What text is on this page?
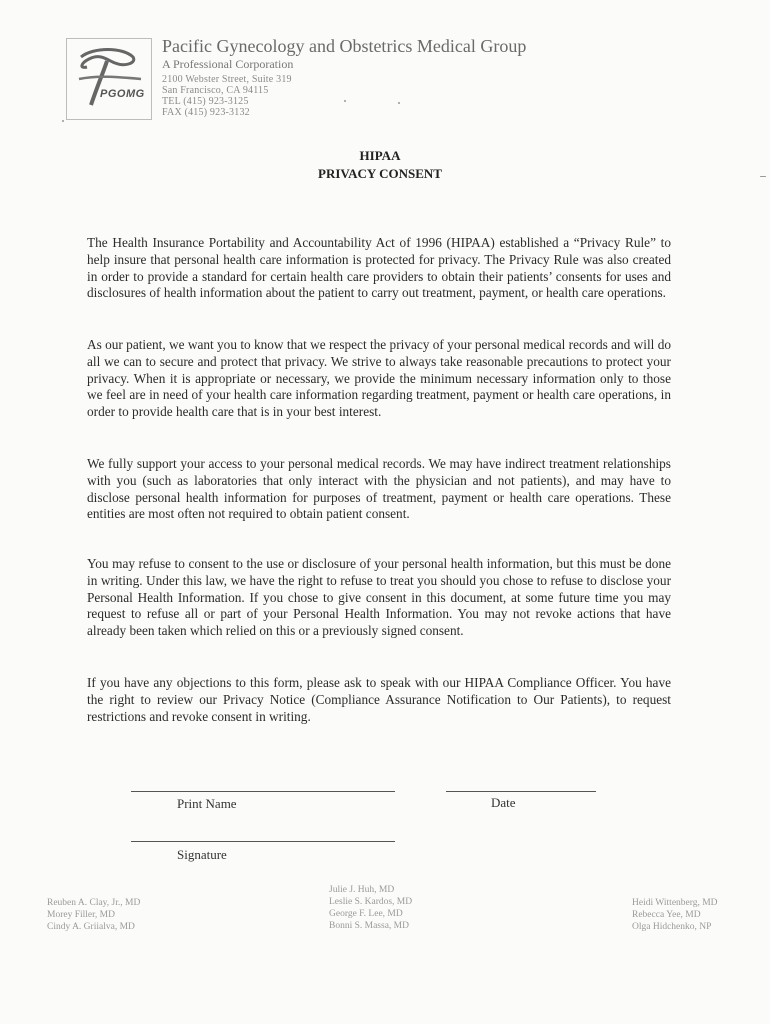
PGOMG
Pacific Gynecology and Obstetrics Medical Group
A Professional Corporation
2100 Webster Street, Suite 319
San Francisco, CA 94115
TEL (415) 923-3125
FAX (415) 923-3132
HIPAA
PRIVACY CONSENT
The Health Insurance Portability and Accountability Act of 1996 (HIPAA) established a “Privacy Rule” to help insure that personal health care information is protected for privacy. The Privacy Rule was also created in order to provide a standard for certain health care providers to obtain their patients’ consents for uses and disclosures of health information about the patient to carry out treatment, payment, or health care operations.
As our patient, we want you to know that we respect the privacy of your personal medical records and will do all we can to secure and protect that privacy. We strive to always take reasonable precautions to protect your privacy. When it is appropriate or necessary, we provide the minimum necessary information only to those we feel are in need of your health care information regarding treatment, payment or health care operations, in order to provide health care that is in your best interest.
We fully support your access to your personal medical records. We may have indirect treatment relationships with you (such as laboratories that only interact with the physician and not patients), and may have to disclose personal health information for purposes of treatment, payment or health care operations. These entities are most often not required to obtain patient consent.
You may refuse to consent to the use or disclosure of your personal health information, but this must be done in writing. Under this law, we have the right to refuse to treat you should you chose to refuse to disclose your Personal Health Information. If you chose to give consent in this document, at some future time you may request to refuse all or part of your Personal Health Information. You may not revoke actions that have already been taken which relied on this or a previously signed consent.
If you have any objections to this form, please ask to speak with our HIPAA Compliance Officer. You have the right to review our Privacy Notice (Compliance Assurance Notification to Our Patients), to request restrictions and revoke consent in writing.
Print Name	Date
Signature
Reuben A. Clay, Jr., MD
Morey Filler, MD
Cindy A. Griialva, MD
Julie J. Huh, MD
Leslie S. Kardos, MD
George F. Lee, MD
Bonni S. Massa, MD
Heidi Wittenberg, MD
Rebecca Yee, MD
Olga Hidchenko, NP
